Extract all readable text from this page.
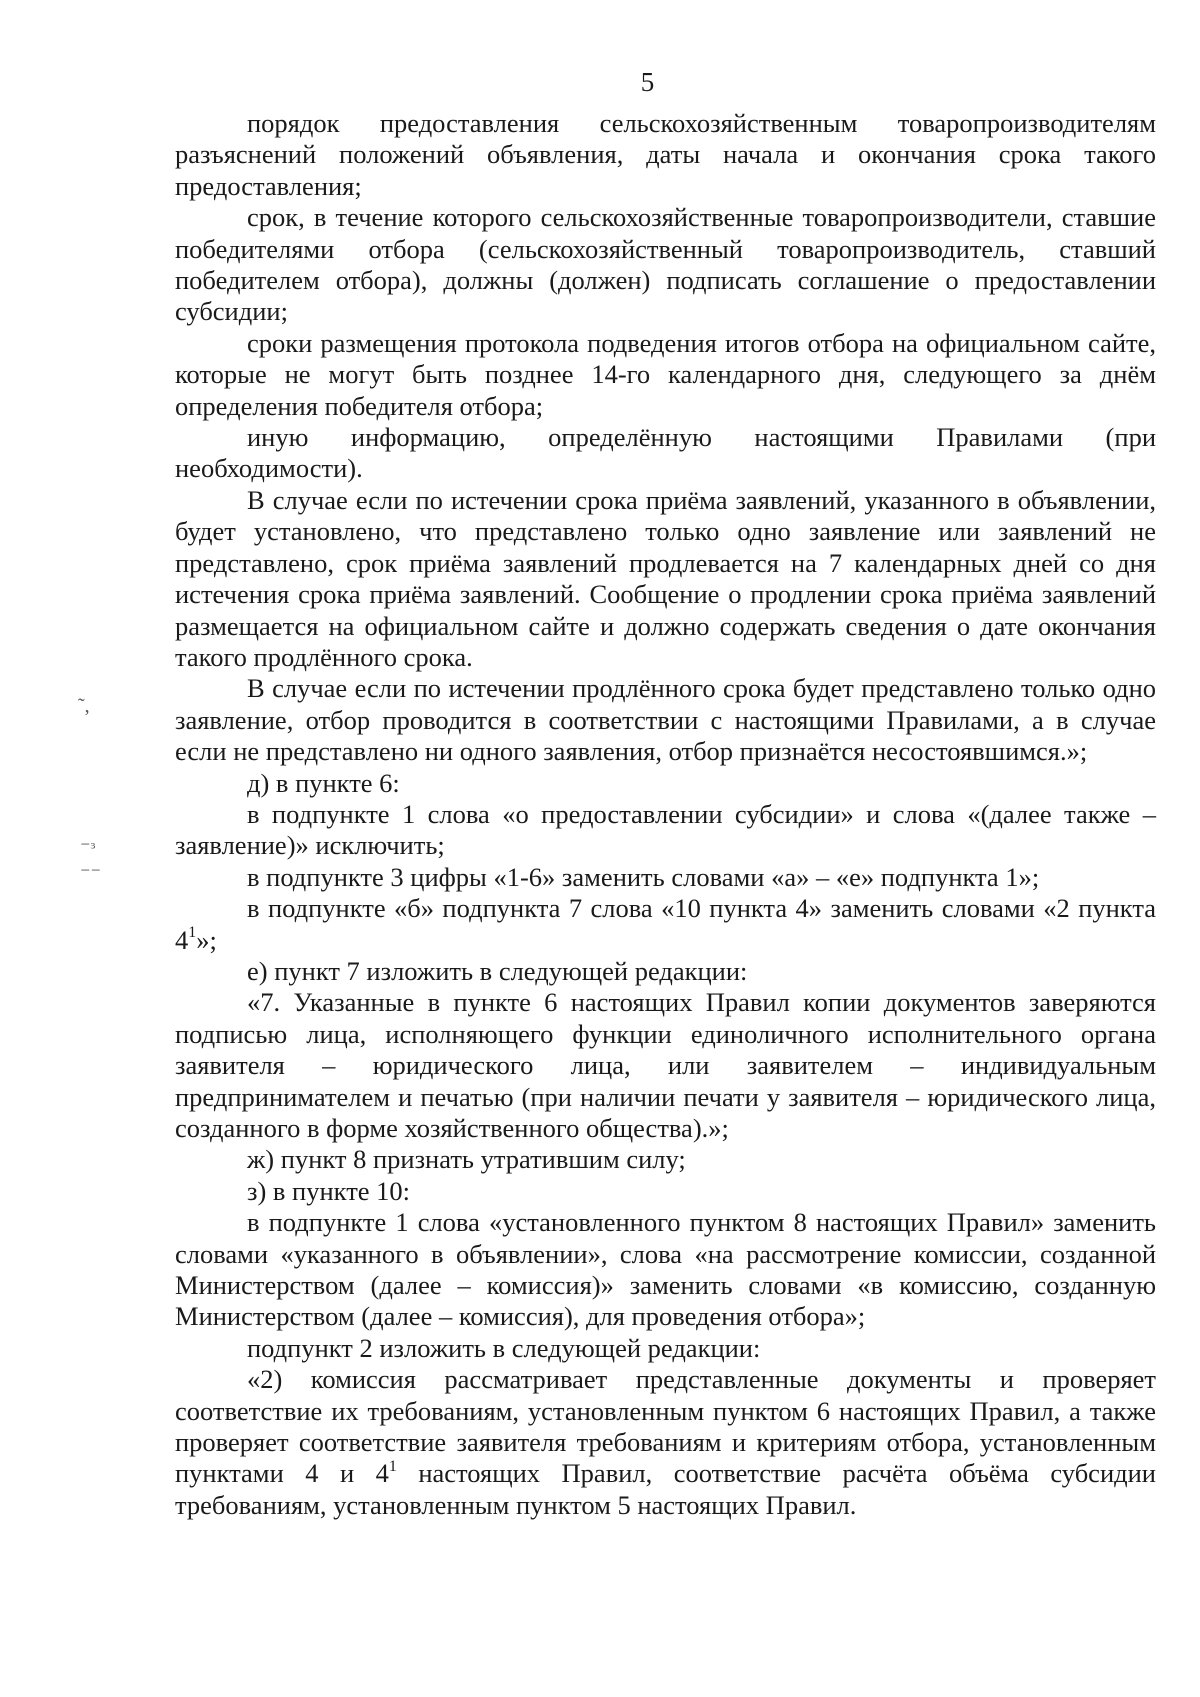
5

порядок предоставления сельскохозяйственным товаропроизводителям разъяснений положений объявления, даты начала и окончания срока такого предоставления;

срок, в течение которого сельскохозяйственные товаропроизводители, ставшие победителями отбора (сельскохозяйственный товаропроизводитель, ставший победителем отбора), должны (должен) подписать соглашение о предоставлении субсидии;

сроки размещения протокола подведения итогов отбора на официальном сайте, которые не могут быть позднее 14-го календарного дня, следующего за днём определения победителя отбора;

иную информацию, определённую настоящими Правилами (при необходимости).

В случае если по истечении срока приёма заявлений, указанного в объявлении, будет установлено, что представлено только одно заявление или заявлений не представлено, срок приёма заявлений продлевается на 7 календарных дней со дня истечения срока приёма заявлений. Сообщение о продлении срока приёма заявлений размещается на официальном сайте и должно содержать сведения о дате окончания такого продлённого срока.

В случае если по истечении продлённого срока будет представлено только одно заявление, отбор проводится в соответствии с настоящими Правилами, а в случае если не представлено ни одного заявления, отбор признаётся несостоявшимся.»;

д) в пункте 6:

в подпункте 1 слова «о предоставлении субсидии» и слова «(далее также – заявление)» исключить;

в подпункте 3 цифры «1-6» заменить словами «а» – «е» подпункта 1»;

в подпункте «б» подпункта 7 слова «10 пункта 4» заменить словами «2 пункта $4^1$»;

е) пункт 7 изложить в следующей редакции:

«7. Указанные в пункте 6 настоящих Правил копии документов заверяются подписью лица, исполняющего функции единоличного исполнительного органа заявителя – юридического лица, или заявителем – индивидуальным предпринимателем и печатью (при наличии печати у заявителя – юридического лица, созданного в форме хозяйственного общества).»;

ж) пункт 8 признать утратившим силу;

з) в пункте 10:

в подпункте 1 слова «установленного пунктом 8 настоящих Правил» заменить словами «указанного в объявлении», слова «на рассмотрение комиссии, созданной Министерством (далее – комиссия)» заменить словами «в комиссию, созданную Министерством (далее – комиссия), для проведения отбора»;

подпункт 2 изложить в следующей редакции:

«2) комиссия рассматривает представленные документы и проверяет соответствие их требованиям, установленным пунктом 6 настоящих Правил, а также проверяет соответствие заявителя требованиям и критериям отбора, установленным пунктами 4 и $4^1$ настоящих Правил, соответствие расчёта объёма субсидии требованиям, установленным пунктом 5 настоящих Правил.

˜,
⁻ᶟ
⁻⁻
